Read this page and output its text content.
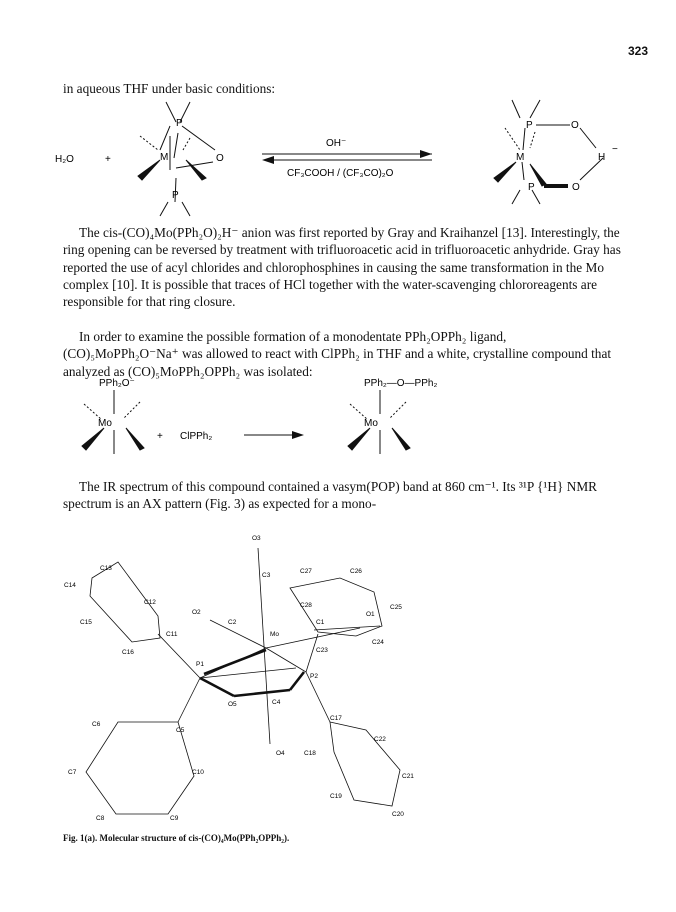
323
in aqueous THF under basic conditions:
H₂O	+
P
M	O
P
OH⁻
CF₃COOH / (CF₃CO)₂O
P	O
H
−
M
P	O
The cis-(CO)₄Mo(PPh₂O)₂H⁻ anion was first reported by Gray and Kraihanzel [13]. Interestingly, the ring opening can be reversed by treatment with trifluoroacetic acid in trifluoroacetic anhydride. Gray has reported the use of acyl chlorides and chlorophosphines in causing the same transformation in the Mo complex [10]. It is possible that traces of HCl together with the water-scavenging chlororeagents are responsible for that ring closure.
In order to examine the possible formation of a monodentate PPh₂OPPh₂ ligand, (CO)₅MoPPh₂O⁻Na⁺ was allowed to react with ClPPh₂ in THF and a white, crystalline compound that analyzed as (CO)₅MoPPh₂OPPh₂ was isolated:
PPh₂O⁻
Mo
+ ClPPh₂
PPh₂—O—PPh₂
Mo
The IR spectrum of this compound contained a νasym(POP) band at 860 cm⁻¹. Its ³¹P {¹H} NMR spectrum is an AX pattern (Fig. 3) as expected for a mono-
O3
C3
C27	C26
C13
C14
C12	C28	C25
O2
C2
O1
C15
C11	Mo
C1
C24
C16	C23
P1
P2
O5	C4
C6
C5
C17
C22
O4	C18
C7	C10
C21
C19
C8	C9
C20
Fig. 1(a). Molecular structure of cis-(CO)₄Mo(PPh₂OPPh₂).
